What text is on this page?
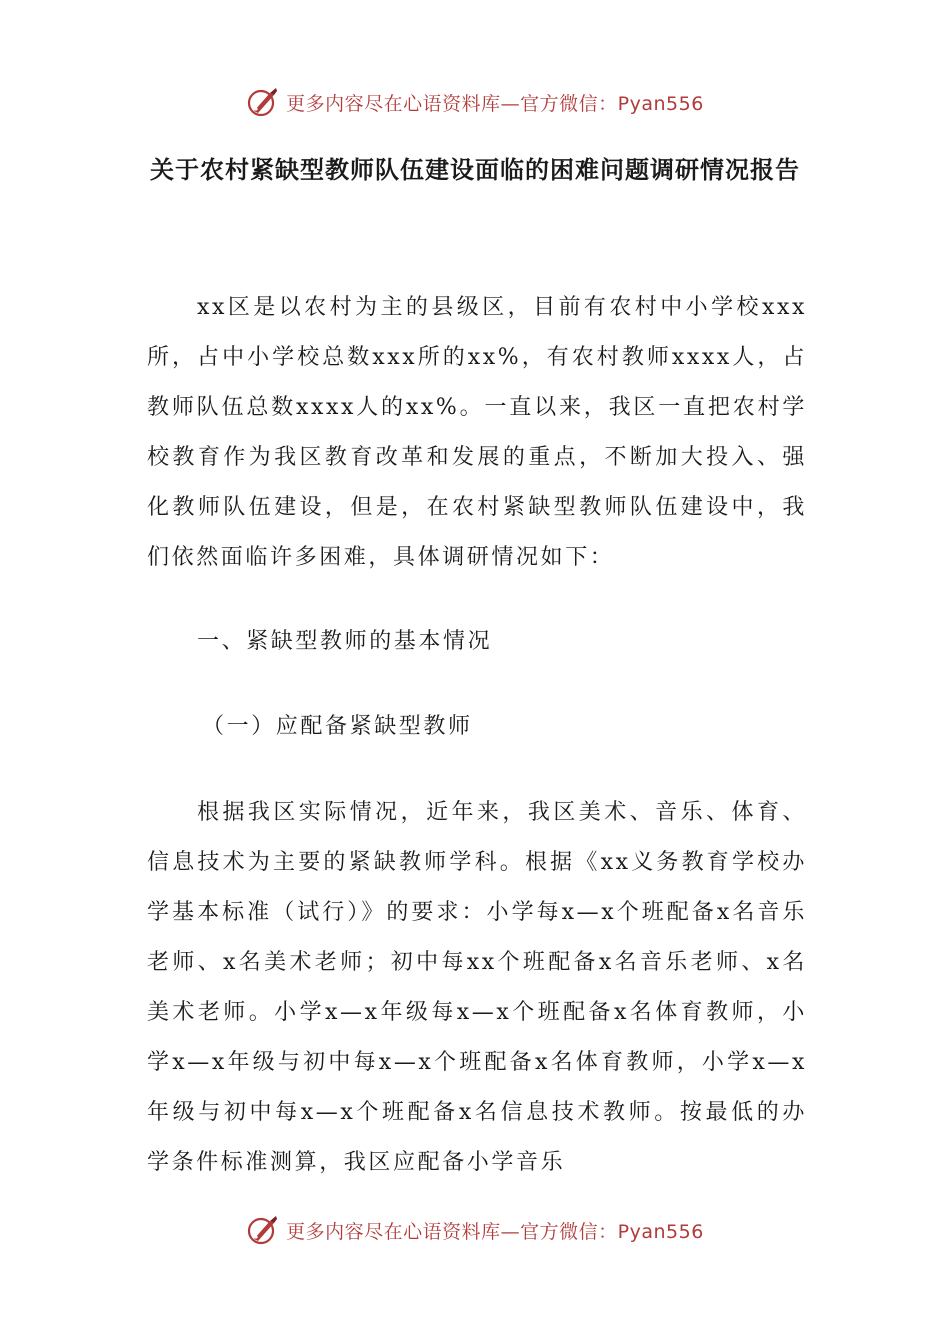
更多内容尽在心语资料库—官方微信：Pyan556
关于农村紧缺型教师队伍建设面临的困难问题调研情况报告

xx区是以农村为主的县级区，目前有农村中小学校xxx所，占中小学校总数xxx所的xx%，有农村教师xxxx人，占教师队伍总数xxxx人的xx%。一直以来，我区一直把农村学校教育作为我区教育改革和发展的重点，不断加大投入、强化教师队伍建设，但是，在农村紧缺型教师队伍建设中，我们依然面临许多困难，具体调研情况如下：

一、紧缺型教师的基本情况

（一）应配备紧缺型教师

根据我区实际情况，近年来，我区美术、音乐、体育、信息技术为主要的紧缺教师学科。根据《xx义务教育学校办学基本标准（试行）》的要求：小学每x—x个班配备x名音乐老师、x名美术老师；初中每xx个班配备x名音乐老师、x名美术老师。小学x—x年级每x—x个班配备x名体育教师，小学x—x年级与初中每x—x个班配备x名体育教师，小学x—x年级与初中每x—x个班配备x名信息技术教师。按最低的办学条件标准测算，我区应配备小学音乐

更多内容尽在心语资料库—官方微信：Pyan556
